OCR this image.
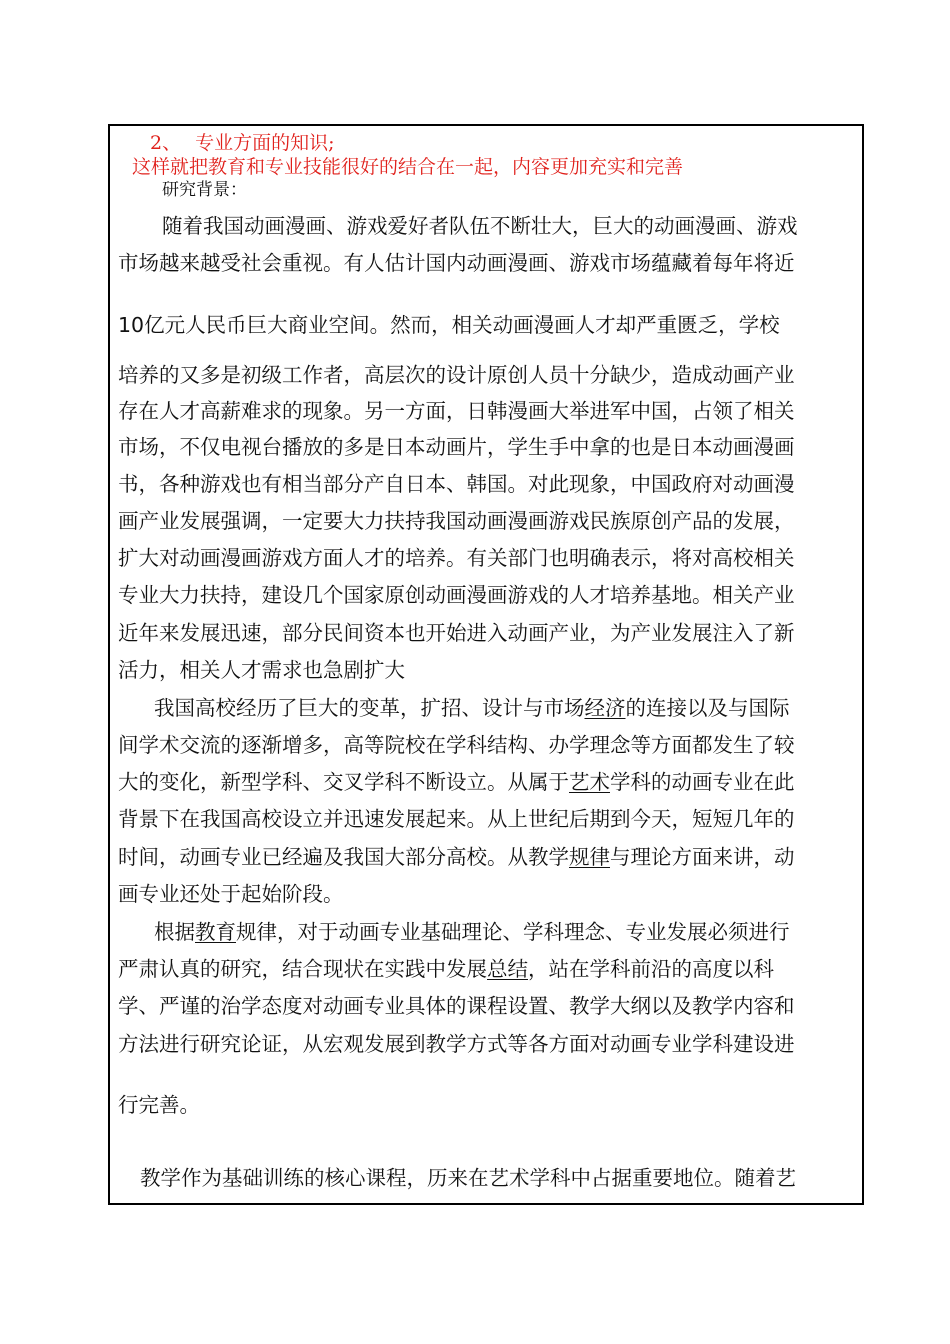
2、 专业方面的知识;
这样就把教育和专业技能很好的结合在一起，内容更加充实和完善
研究背景：
随着我国动画漫画、游戏爱好者队伍不断壮大，巨大的动画漫画、游戏
市场越来越受社会重视。有人估计国内动画漫画、游戏市场蕴藏着每年将近
10亿元人民币巨大商业空间。然而，相关动画漫画人才却严重匮乏，学校
培养的又多是初级工作者，高层次的设计原创人员十分缺少，造成动画产业
存在人才高薪难求的现象。另一方面，日韩漫画大举进军中国，占领了相关
市场，不仅电视台播放的多是日本动画片，学生手中拿的也是日本动画漫画
书，各种游戏也有相当部分产自日本、韩国。对此现象，中国政府对动画漫
画产业发展强调，一定要大力扶持我国动画漫画游戏民族原创产品的发展，
扩大对动画漫画游戏方面人才的培养。有关部门也明确表示，将对高校相关
专业大力扶持，建设几个国家原创动画漫画游戏的人才培养基地。相关产业
近年来发展迅速，部分民间资本也开始进入动画产业，为产业发展注入了新
活力，相关人才需求也急剧扩大
我国高校经历了巨大的变革，扩招、设计与市场经济的连接以及与国际
间学术交流的逐渐增多，高等院校在学科结构、办学理念等方面都发生了较
大的变化，新型学科、交叉学科不断设立。从属于艺术学科的动画专业在此
背景下在我国高校设立并迅速发展起来。从上世纪后期到今天，短短几年的
时间，动画专业已经遍及我国大部分高校。从教学规律与理论方面来讲，动
画专业还处于起始阶段。
根据教育规律，对于动画专业基础理论、学科理念、专业发展必须进行
严肃认真的研究，结合现状在实践中发展总结，站在学科前沿的高度以科
学、严谨的治学态度对动画专业具体的课程设置、教学大纲以及教学内容和
方法进行研究论证，从宏观发展到教学方式等各方面对动画专业学科建设进
行完善。
教学作为基础训练的核心课程，历来在艺术学科中占据重要地位。随着艺
